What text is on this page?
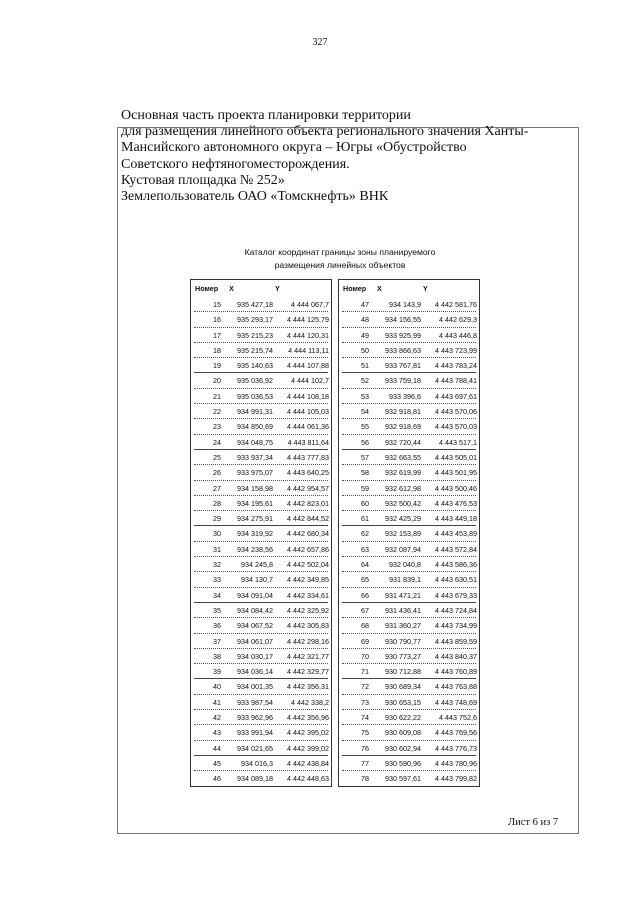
327
Основная часть проекта планировки территории
для размещения линейного объекта регионального значения Ханты-
Мансийского автономного округа – Югры «Обустройство
Советского нефтяногоместорождения.
Кустовая площадка № 252»
Землепользователь ОАО «Томскнефть» ВНК
Каталог координат границы зоны планируемого
размещения линейных объектов
Номер X	Y
15	935 427,18	4 444 067,7
16	935 293,17	4 444 125,79
17	935 215,23	4 444 120,31
18	935 215,74	4 444 113,11
19	935 140,63	4 444 107,88
20	935 036,92	4 444 102,7
21	935 036,53	4 444 108,18
22	934 991,31	4 444 105,03
23	934 850,69	4 444 061,36
24	934 048,75	4 443 811,64
25	933 937,34	4 443 777,83
26	933 975,07	4 443 640,25
27	934 158,98	4 442 954,57
28	934 195,61	4 442 823,01
29	934 275,91	4 442 844,52
30	934 319,92	4 442 680,34
31	934 238,56	4 442 657,86
32	934 245,8	4 442 502,04
33	934 130,7	4 442 349,85
34	934 091,04	4 442 334,61
35	934 084,42	4 442 325,92
36	934 067,52	4 442 305,83
37	934 061,07	4 442 298,16
38	934 030,17	4 442 321,77
39	934 036,14	4 442 329,77
40	934 001,35	4 442 356,31
41	933 987,54	4 442 338,2
42	933 962,96	4 442 356,96
43	933 991,94	4 442 395,02
44	934 021,65	4 442 399,02
45	934 016,3	4 442 438,84
46	934 089,18	4 442 448,63
Номер X	Y
47	934 143,9	4 442 581,76
48	934 156,55	4 442 629,3
49	933 925,99	4 443 446,8
50	933 866,63	4 443 723,99
51	933 767,81	4 443 783,24
52	933 759,18	4 443 788,41
53	933 396,6	4 443 697,61
54	932 918,81	4 443 570,06
55	932 918,69	4 443 570,03
56	932 720,44	4 443 517,1
57	932 663,55	4 443 505,01
58	932 619,99	4 443 501,95
59	932 612,98	4 443 500,46
60	932 500,42	4 443 476,53
61	932 425,29	4 443 449,18
62	932 153,89	4 443 453,89
63	932 087,94	4 443 572,84
64	932 040,8	4 443 586,36
65	931 839,1	4 443 630,51
66	931 471,21	4 443 679,33
67	931 436,41	4 443 724,84
68	931 360,27	4 443 734,99
69	930 790,77	4 443 859,59
70	930 773,27	4 443 840,37
71	930 712,88	4 443 760,89
72	930 689,34	4 443 763,88
73	930 653,15	4 443 748,69
74	930 622,22	4 443 752,6
75	930 609,08	4 443 769,56
76	930 602,94	4 443 776,73
77	930 590,96	4 443 780,96
78	930 597,61	4 443 799,82
Лист 6 из 7
